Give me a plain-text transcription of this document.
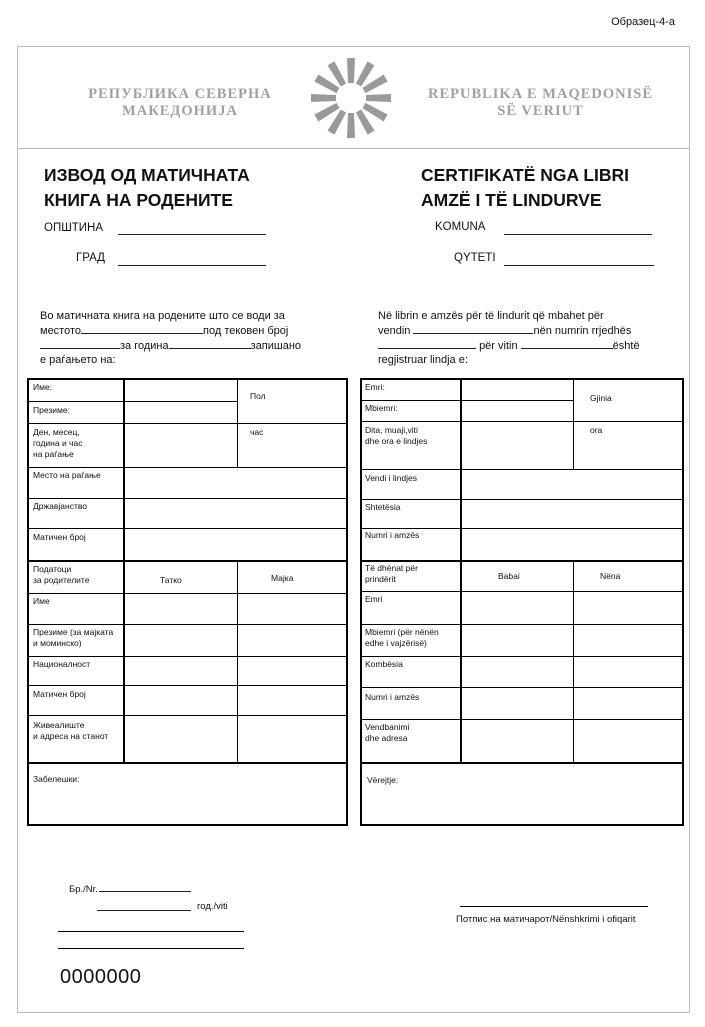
Образец-4-а
РЕПУБЛИКА СЕВЕРНА
МАКЕДОНИЈА
REPUBLIKA E MAQEDONISË
SË VERIUT
ИЗВОД ОД МАТИЧНАТА
КНИГА НА РОДЕНИТЕ
ОПШТИНА
ГРАД
CERTIFIKATË NGA LIBRI
AMZË I TË LINDURVE
KOMUNA
QYTETI
Во матичната книга на родените што се води за
местото	под тековен број
за година	запишано
е раѓањето на:
Në librin e amzës për të lindurit që mbahet për
vendin	nën numrin rrjedhës
për vitin	është
regjistruar lindja e:
Име:
Презиме:
Пол
Ден, месец,
година и час
на раѓање
час
Место на раѓање
Државјанство
Матичен број
Податоци
за родителите	Татко	Мајка
Име
Презиме (за мајката
и моминско)
Националност
Матичен број
Живеалиште
и адреса на станот
Забелешки:
Emri:
Mbiemri:
Gjinia
Dita, muaji,viti
dhe ora e lindjes
ora
Vendi i lindjes
Shtetësia
Numri i amzës
Të dhënat për
prindërit	Babai	Nëna
Emri
Mbiemri (për nënën
edhe i vajzërisë)
Kombësia
Numri i amzës
Vendbanimi
dhe adresa
Vërejtje:
Бр./Nr.
год./viti
Потпис на матичарот/Nënshkrimi i ofiqarit
0000000
